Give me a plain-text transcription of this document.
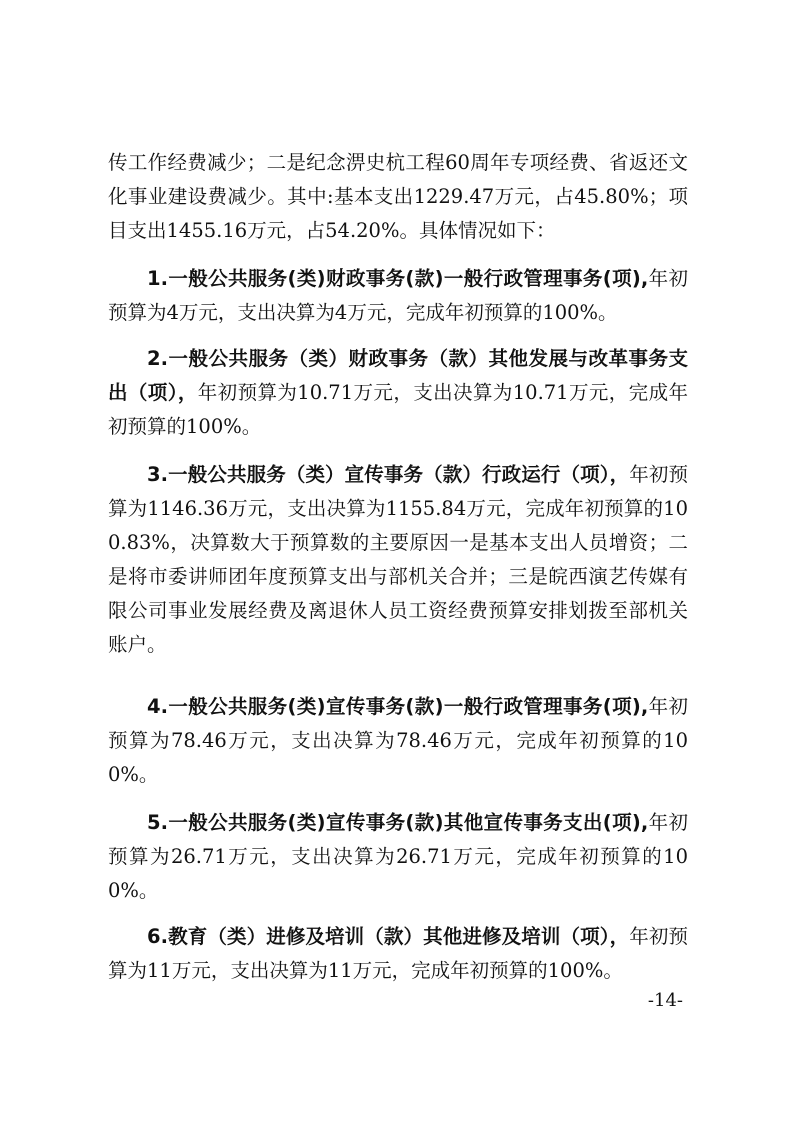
传工作经费减少；二是纪念淠史杭工程60周年专项经费、省返还文化事业建设费减少。其中:基本支出1229.47万元，占45.80%；项目支出1455.16万元，占54.20%。具体情况如下：

1.一般公共服务(类)财政事务(款)一般行政管理事务(项),年初预算为4万元，支出决算为4万元，完成年初预算的100%。

2.一般公共服务（类）财政事务（款）其他发展与改革事务支出（项），年初预算为10.71万元，支出决算为10.71万元，完成年初预算的100%。

3.一般公共服务（类）宣传事务（款）行政运行（项），年初预算为1146.36万元，支出决算为1155.84万元，完成年初预算的100.83%，决算数大于预算数的主要原因一是基本支出人员增资；二是将市委讲师团年度预算支出与部机关合并；三是皖西演艺传媒有限公司事业发展经费及离退休人员工资经费预算安排划拨至部机关账户。

4.一般公共服务(类)宣传事务(款)一般行政管理事务(项),年初预算为78.46万元，支出决算为78.46万元，完成年初预算的100%。

5.一般公共服务(类)宣传事务(款)其他宣传事务支出(项),年初预算为26.71万元，支出决算为26.71万元，完成年初预算的100%。

6.教育（类）进修及培训（款）其他进修及培训（项），年初预算为11万元，支出决算为11万元，完成年初预算的100%。

-14-
